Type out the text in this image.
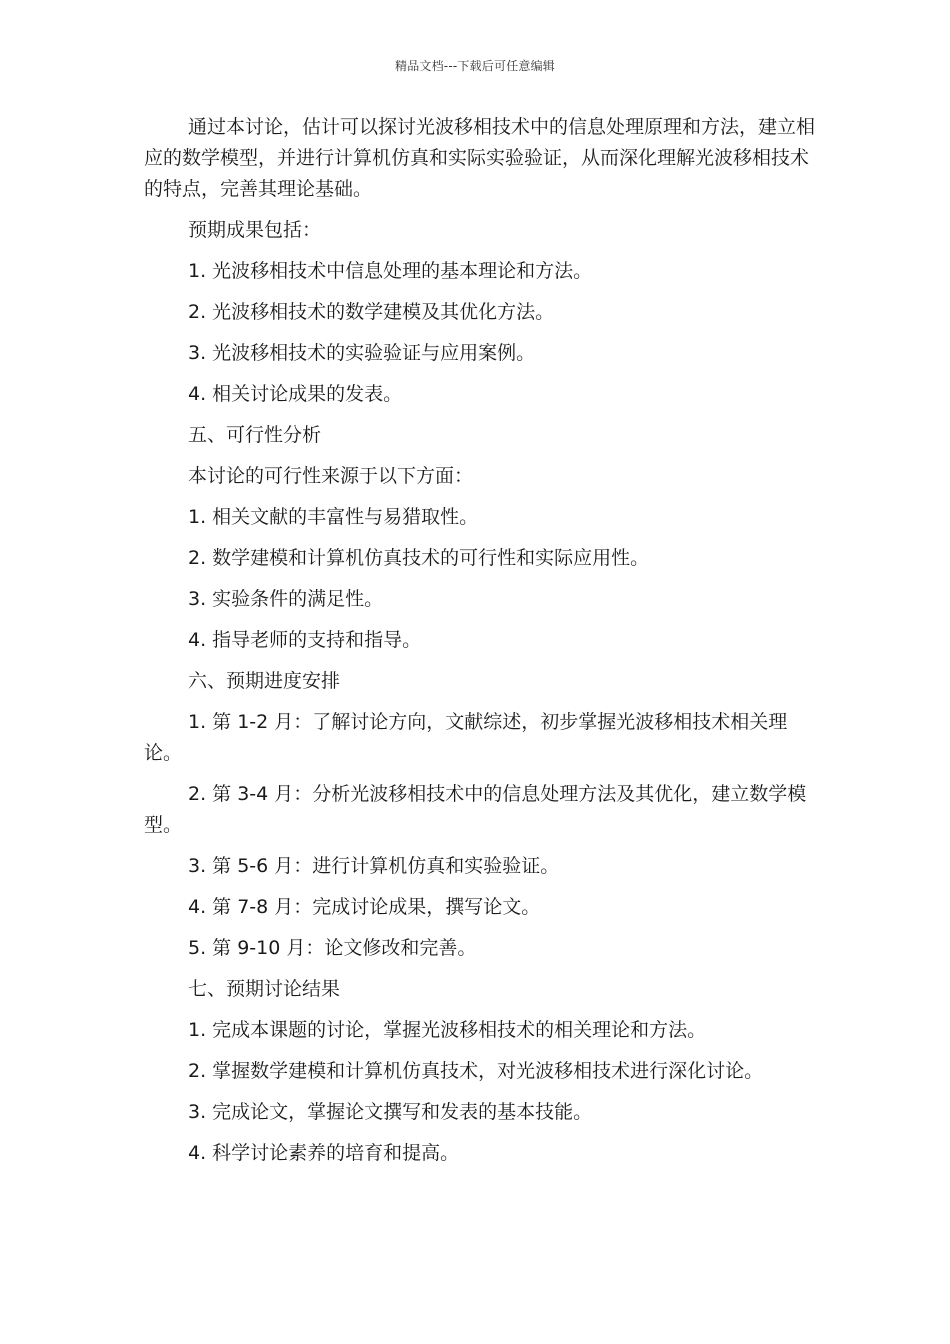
精品文档---下载后可任意编辑

通过本讨论，估计可以探讨光波移相技术中的信息处理原理和方法，建立相应的数学模型，并进行计算机仿真和实际实验验证，从而深化理解光波移相技术的特点，完善其理论基础。

预期成果包括：

1. 光波移相技术中信息处理的基本理论和方法。

2. 光波移相技术的数学建模及其优化方法。

3. 光波移相技术的实验验证与应用案例。

4. 相关讨论成果的发表。

五、可行性分析

本讨论的可行性来源于以下方面：

1. 相关文献的丰富性与易猎取性。

2. 数学建模和计算机仿真技术的可行性和实际应用性。

3. 实验条件的满足性。

4. 指导老师的支持和指导。

六、预期进度安排

1. 第 1-2 月：了解讨论方向，文献综述，初步掌握光波移相技术相关理论。

2. 第 3-4 月：分析光波移相技术中的信息处理方法及其优化，建立数学模型。

3. 第 5-6 月：进行计算机仿真和实验验证。

4. 第 7-8 月：完成讨论成果，撰写论文。

5. 第 9-10 月：论文修改和完善。

七、预期讨论结果

1. 完成本课题的讨论，掌握光波移相技术的相关理论和方法。

2. 掌握数学建模和计算机仿真技术，对光波移相技术进行深化讨论。

3. 完成论文，掌握论文撰写和发表的基本技能。

4. 科学讨论素养的培育和提高。
